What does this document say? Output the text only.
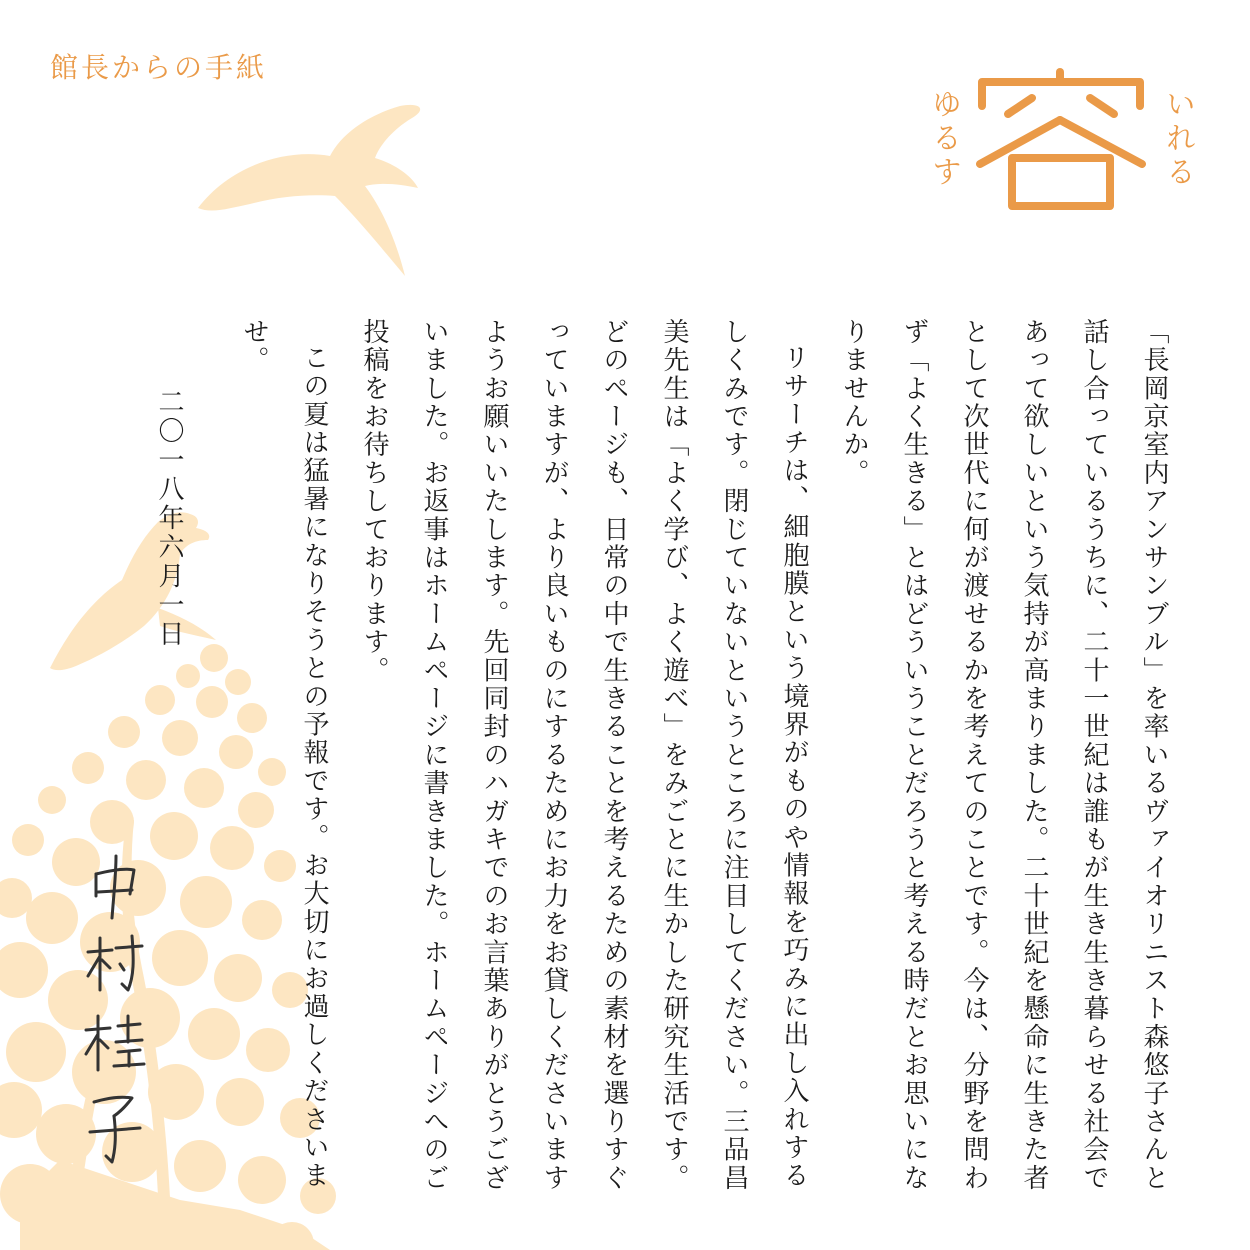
館長からの手紙
ゆるす	いれる

「長岡京室内アンサンブル」を率いるヴァイオリニスト森悠子さんと話し合っているうちに、二十一世紀は誰もが生き生き暮らせる社会であって欲しいという気持が高まりました。二十世紀を懸命に生きた者として次世代に何が渡せるかを考えてのことです。今は、分野を問わず「よく生きる」とはどういうことだろうと考える時だとお思いになりませんか。

リサーチは、細胞膜という境界がものや情報を巧みに出し入れするしくみです。閉じていないというところに注目してください。三品昌美先生は「よく学び、よく遊べ」をみごとに生かした研究生活です。どのページも、日常の中で生きることを考えるための素材を選りすぐっていますが、より良いものにするためにお力をお貸しくださいますようお願いいたします。先回同封のハガキでのお言葉ありがとうございました。お返事はホームページに書きました。ホームページへのご投稿をお待ちしております。

この夏は猛暑になりそうとの予報です。お大切にお過しくださいませ。

二〇一八年六月一日
